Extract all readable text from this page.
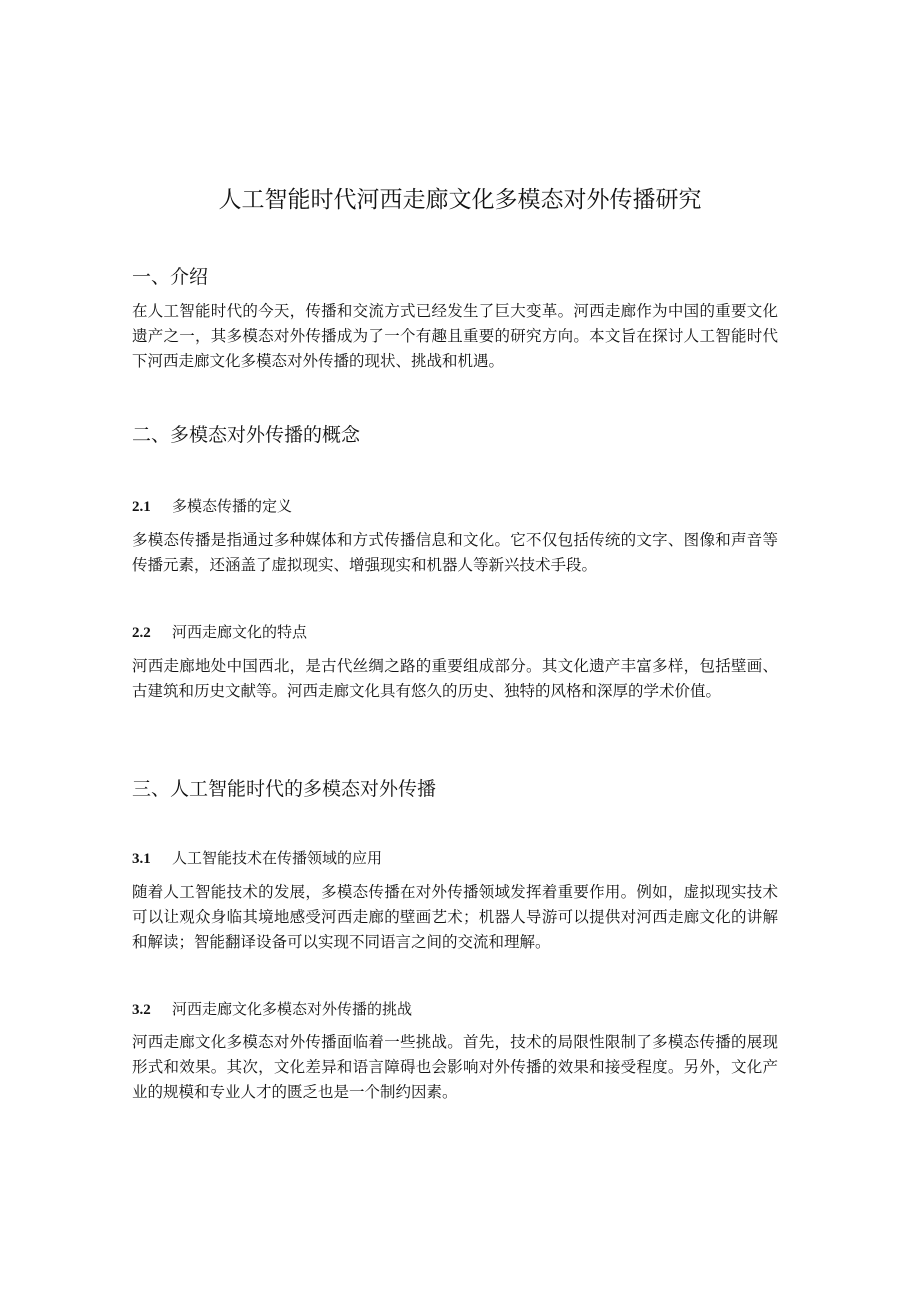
人工智能时代河西走廊文化多模态对外传播研究
一、介绍

在人工智能时代的今天，传播和交流方式已经发生了巨大变革。河西走廊作为中国的重要文化遗产之一，其多模态对外传播成为了一个有趣且重要的研究方向。本文旨在探讨人工智能时代下河西走廊文化多模态对外传播的现状、挑战和机遇。

二、多模态对外传播的概念
2.1 多模态传播的定义

多模态传播是指通过多种媒体和方式传播信息和文化。它不仅包括传统的文字、图像和声音等传播元素，还涵盖了虚拟现实、增强现实和机器人等新兴技术手段。

2.2 河西走廊文化的特点

河西走廊地处中国西北，是古代丝绸之路的重要组成部分。其文化遗产丰富多样，包括壁画、古建筑和历史文献等。河西走廊文化具有悠久的历史、独特的风格和深厚的学术价值。

三、人工智能时代的多模态对外传播
3.1 人工智能技术在传播领域的应用

随着人工智能技术的发展，多模态传播在对外传播领域发挥着重要作用。例如，虚拟现实技术可以让观众身临其境地感受河西走廊的壁画艺术；机器人导游可以提供对河西走廊文化的讲解和解读；智能翻译设备可以实现不同语言之间的交流和理解。

3.2 河西走廊文化多模态对外传播的挑战

河西走廊文化多模态对外传播面临着一些挑战。首先，技术的局限性限制了多模态传播的展现形式和效果。其次，文化差异和语言障碍也会影响对外传播的效果和接受程度。另外，文化产业的规模和专业人才的匮乏也是一个制约因素。
